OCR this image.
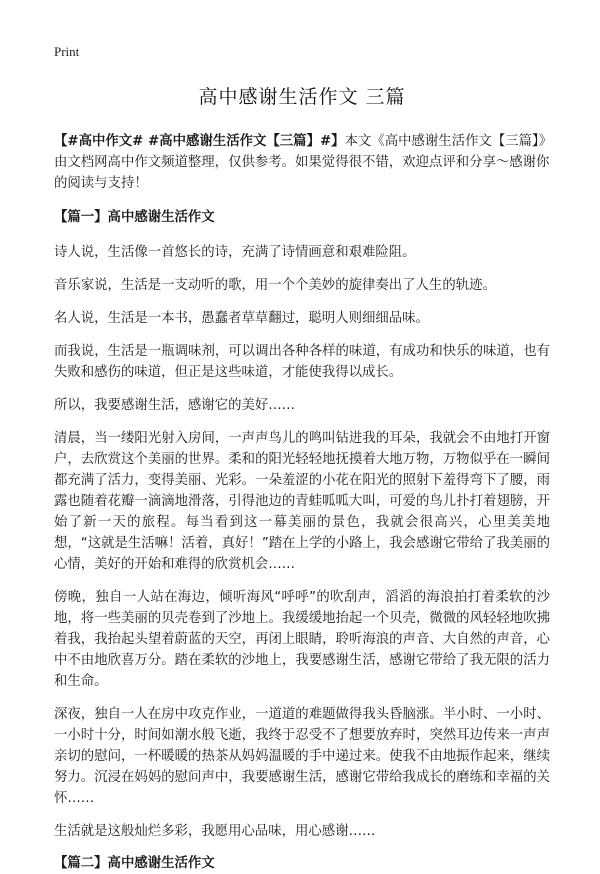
Print
高中感谢生活作文 三篇

【#高中作文# #高中感谢生活作文【三篇】#】本文《高中感谢生活作文【三篇】》由文档网高中作文频道整理，仅供参考。如果觉得很不错，欢迎点评和分享～感谢你的阅读与支持！

【篇一】高中感谢生活作文

诗人说，生活像一首悠长的诗，充满了诗情画意和艰难险阻。

音乐家说，生活是一支动听的歌，用一个个美妙的旋律奏出了人生的轨迹。

名人说，生活是一本书，愚蠢者草草翻过，聪明人则细细品味。

而我说，生活是一瓶调味剂，可以调出各种各样的味道，有成功和快乐的味道，也有失败和感伤的味道，但正是这些味道，才能使我得以成长。

所以，我要感谢生活，感谢它的美好……

清晨，当一缕阳光射入房间，一声声鸟儿的鸣叫钻进我的耳朵，我就会不由地打开窗户，去欣赏这个美丽的世界。柔和的阳光轻轻地抚摸着大地万物，万物似乎在一瞬间都充满了活力，变得美丽、光彩。一朵羞涩的小花在阳光的照射下羞得弯下了腰，雨露也随着花瓣一滴滴地滑落，引得池边的青蛙呱呱大叫，可爱的鸟儿扑打着翅膀，开始了新一天的旅程。每当看到这一幕美丽的景色，我就会很高兴，心里美美地想，“这就是生活嘛！活着，真好！”踏在上学的小路上，我会感谢它带给了我美丽的心情，美好的开始和难得的欣赏机会……

傍晚，独自一人站在海边，倾听海风“呼呼”的吹刮声，滔滔的海浪拍打着柔软的沙地，将一些美丽的贝壳卷到了沙地上。我缓缓地抬起一个贝壳，微微的风轻轻地吹拂着我，我抬起头望着蔚蓝的天空，再闭上眼睛，聆听海浪的声音、大自然的声音，心中不由地欣喜万分。踏在柔软的沙地上，我要感谢生活，感谢它带给了我无限的活力和生命。

深夜，独自一人在房中攻克作业，一道道的难题做得我头昏脑涨。半小时、一小时、一小时十分，时间如潮水般飞逝，我终于忍受不了想要放弃时，突然耳边传来一声声亲切的慰问，一杯暖暖的热茶从妈妈温暖的手中递过来。使我不由地振作起来，继续努力。沉浸在妈妈的慰问声中，我要感谢生活，感谢它带给我成长的磨练和幸福的关怀……

生活就是这般灿烂多彩，我愿用心品味，用心感谢……

【篇二】高中感谢生活作文
